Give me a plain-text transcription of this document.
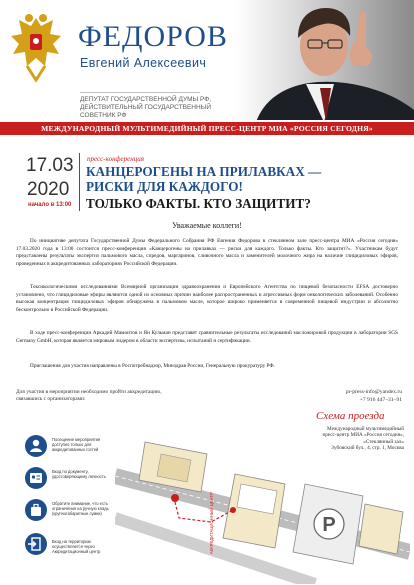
ФЕДОРОВ
Евгений Алексеевич
ДЕПУТАТ ГОСУДАРСТВЕННОЙ ДУМЫ РФ,
ДЕЙСТВИТЕЛЬНЫЙ ГОСУДАРСТВЕННЫЙ
СОВЕТНИК РФ
МЕЖДУНАРОДНЫЙ МУЛЬТИМЕДИЙНЫЙ ПРЕСС-ЦЕНТР МИА «РОССИЯ СЕГОДНЯ»
17.03
2020
начало в 13:00
пресс-конференция
КАНЦЕРОГЕНЫ НА ПРИЛАВКАХ —
РИСКИ ДЛЯ КАЖДОГО!
ТОЛЬКО ФАКТЫ. КТО ЗАЩИТИТ?
Уважаемые коллеги!
По инициативе депутата Государственной Думы Федерального Собрания РФ Евгения Федорова в стеклянном зале пресс-центра МИА «Россия сегодня» 17.03.2020 года в 13:00 состоится пресс-конференция «Канцерогены на прилавках — риски для каждого. Только факты. Кто защитит?». Участникам будут представлены результаты экспертиз пальмового масла, спредов, маргаринов, сливочного масла и заменителей молочного жира на наличие глицидиловых эфиров, проведенных в аккредитованных лабораториях Российской Федерации.
Токсикологическими исследованиями Всемирной организации здравоохранения и Европейского Агентства по пищевой безопасности EFSA достоверно установлено, что глицидиловые эфиры являются одной из основных причин наиболее распространенных и агрессивных форм онкологических заболеваний. Особенно высокая концентрация глицидиловых эфиров обнаружена в пальмовом масле, которое широко применяется в современной пищевой индустрии и абсолютно бесконтрольно в Российской Федерации.
В ходе пресс-конференции Аркадий Мамонтов и Ян Кульман представят сравнительные результаты исследований масложировой продукции в лаборатории SGS Germany GmbH, которая является мировым лидером в области экспертизы, испытаний и сертификации.
Приглашения для участия направлены в Роспотребнадзор, Минздрав России, Генеральную прокуратуру РФ.
Для участия в мероприятии необходимо пройти аккредитацию, связавшись с организаторами:
pr-press-info@yandex.ru
+7 916 447–31–91
Посещение мероприятия доступно только для аккредитованных гостей
Вход по документу, удостоверяющему личность
Обратите внимание, что есть ограничения на ручную кладь (крупногабаритные сумки)
Вход на территорию осуществляется через Аккредитационный центр
P
АККРЕДИТАЦИОННЫЙ ЦЕНТР
Схема проезда
Международный мультимедийный
пресс-центр МИА «Россия сегодня»,
«Стеклянный зал»
Зубовский бул., 4, стр. 1, Москва
